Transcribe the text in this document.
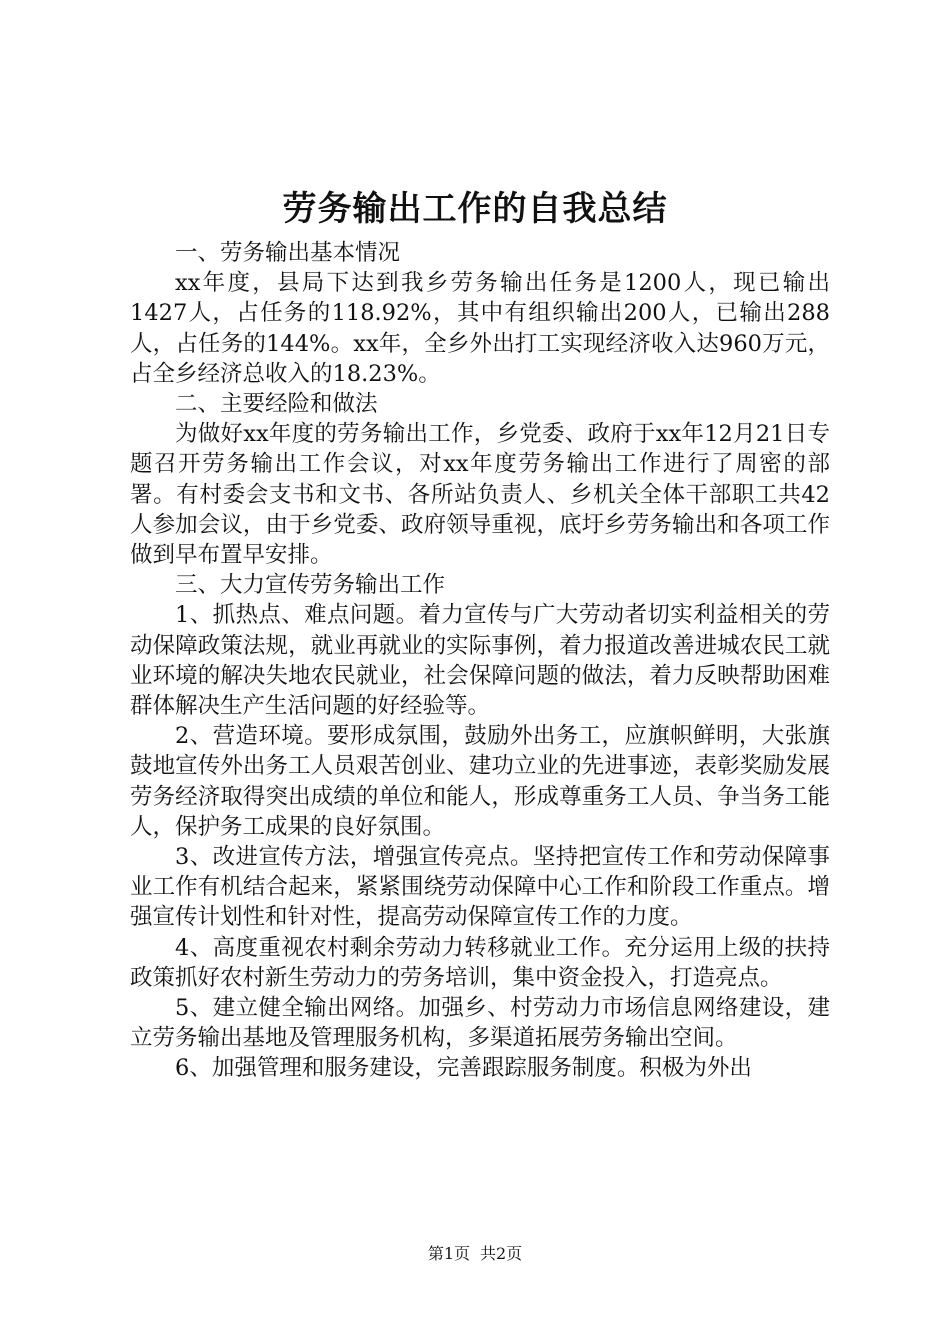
劳务输出工作的自我总结

一、劳务输出基本情况

xx年度，县局下达到我乡劳务输出任务是1200人，现已输出1427人，占任务的118.92%，其中有组织输出200人，已输出288人，占任务的144%。xx年，全乡外出打工实现经济收入达960万元，占全乡经济总收入的18.23%。

二、主要经险和做法

为做好xx年度的劳务输出工作，乡党委、政府于xx年12月21日专题召开劳务输出工作会议，对xx年度劳务输出工作进行了周密的部署。有村委会支书和文书、各所站负责人、乡机关全体干部职工共42人参加会议，由于乡党委、政府领导重视，底圩乡劳务输出和各项工作做到早布置早安排。

三、大力宣传劳务输出工作

1、抓热点、难点问题。着力宣传与广大劳动者切实利益相关的劳动保障政策法规，就业再就业的实际事例，着力报道改善进城农民工就业环境的解决失地农民就业，社会保障问题的做法，着力反映帮助困难群体解决生产生活问题的好经验等。

2、营造环境。要形成氛围，鼓励外出务工，应旗帜鲜明，大张旗鼓地宣传外出务工人员艰苦创业、建功立业的先进事迹，表彰奖励发展劳务经济取得突出成绩的单位和能人，形成尊重务工人员、争当务工能人，保护务工成果的良好氛围。

3、改进宣传方法，增强宣传亮点。坚持把宣传工作和劳动保障事业工作有机结合起来，紧紧围绕劳动保障中心工作和阶段工作重点。增强宣传计划性和针对性，提高劳动保障宣传工作的力度。

4、高度重视农村剩余劳动力转移就业工作。充分运用上级的扶持政策抓好农村新生劳动力的劳务培训，集中资金投入，打造亮点。

5、建立健全输出网络。加强乡、村劳动力市场信息网络建设，建立劳务输出基地及管理服务机构，多渠道拓展劳务输出空间。

6、加强管理和服务建设，完善跟踪服务制度。积极为外出

第1页 共2页
